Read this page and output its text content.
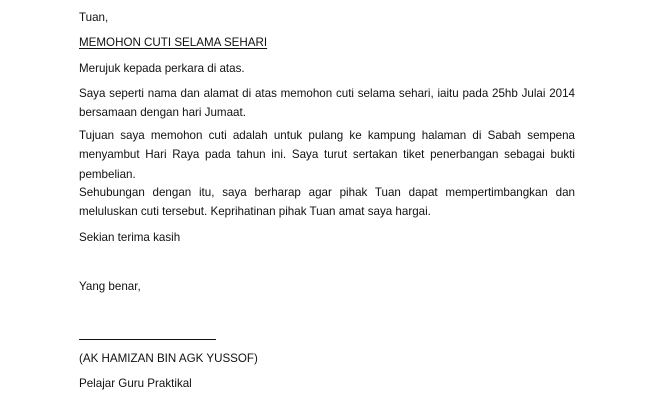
Tuan,
MEMOHON CUTI SELAMA SEHARI
Merujuk kepada perkara di atas.
Saya seperti nama dan alamat di atas memohon cuti selama sehari, iaitu pada 25hb Julai 2014 bersamaan dengan hari Jumaat.
Tujuan saya memohon cuti adalah untuk pulang ke kampung halaman di Sabah sempena menyambut Hari Raya pada tahun ini. Saya turut sertakan tiket penerbangan sebagai bukti pembelian.
Sehubungan dengan itu, saya berharap agar pihak Tuan dapat mempertimbangkan dan meluluskan cuti tersebut. Keprihatinan pihak Tuan amat saya hargai.
Sekian terima kasih
Yang benar,
(AK HAMIZAN BIN AGK YUSSOF)
Pelajar Guru Praktikal
